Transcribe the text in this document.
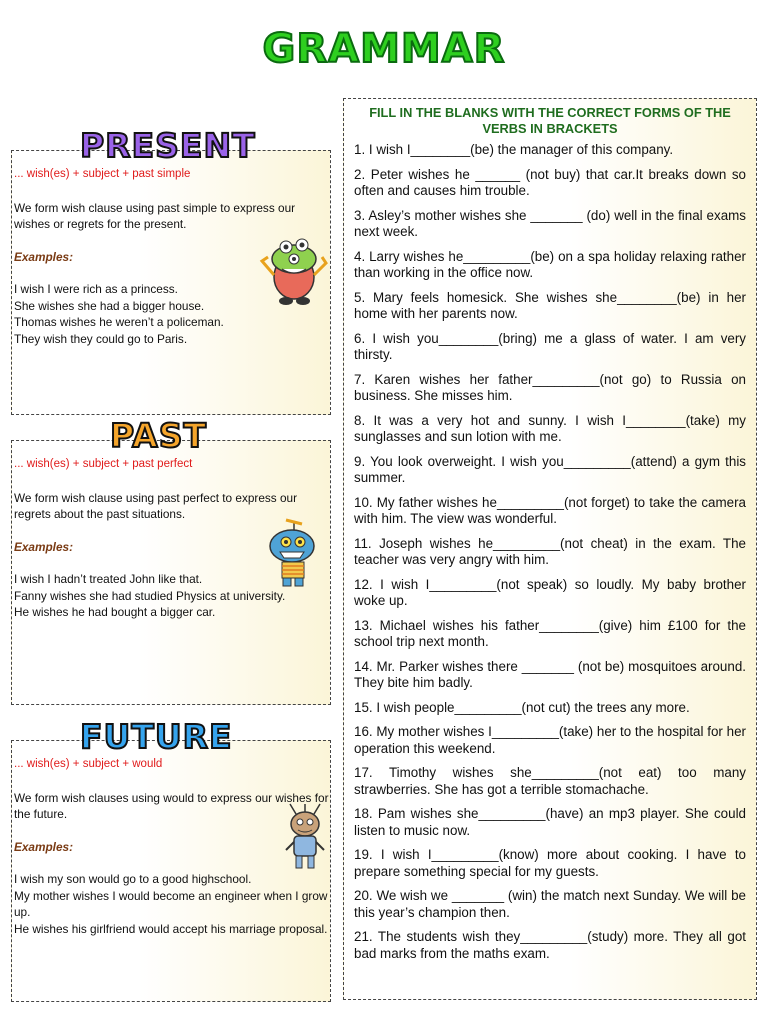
GRAMMAR
PRESENT

... wish(es) + subject + past simple

We form wish clause using past simple to express our wishes or regrets for the present.

Examples:

I wish I were rich as a princess.

She wishes she had a bigger house.

Thomas wishes he weren’t a policeman.

They wish they could go to Paris.

PAST

... wish(es) + subject + past perfect

We form wish clause using past perfect to express our regrets about the past situations.

Examples:

I wish I hadn’t treated John like that.

Fanny wishes she had studied Physics at university.

He wishes he had bought a bigger car.

FUTURE

... wish(es) + subject + would

We form wish clauses using would to express our wishes for the future.

Examples:

I wish my son would go to a good highschool.

My mother wishes I would become an engineer when I grow up.

He wishes his girlfriend would accept his marriage proposal.

FILL IN THE BLANKS WITH THE CORRECT FORMS OF THE VERBS IN BRACKETS
1. I wish I________(be) the manager of this company.
2. Peter wishes he ______ (not buy) that car.It breaks down so often and causes him trouble.
3. Asley’s mother wishes she _______ (do) well in the final exams next week.
4. Larry wishes he_________(be) on a spa holiday relaxing rather than working in the office now.
5. Mary feels homesick. She wishes she________(be) in her home with her parents now.
6. I wish you________(bring) me a glass of water. I am very thirsty.
7. Karen wishes her father_________(not go) to Russia on business. She misses him.
8. It was a very hot and sunny. I wish I________(take) my sunglasses and sun lotion with me.
9. You look overweight. I wish you_________(attend) a gym this summer.
10. My father wishes he_________(not forget) to take the camera with him. The view was wonderful.
11. Joseph wishes he_________(not cheat) in the exam. The teacher was very angry with him.
12. I wish I_________(not speak) so loudly. My baby brother woke up.
13. Michael wishes his father________(give) him £100 for the school trip next month.
14. Mr. Parker wishes there _______ (not be) mosquitoes around. They bite him badly.
15. I wish people_________(not cut) the trees any more.
16. My mother wishes I_________(take) her to the hospital for her operation this weekend.
17. Timothy wishes she_________(not eat) too many strawberries. She has got a terrible stomachache.
18. Pam wishes she_________(have) an mp3 player. She could listen to music now.
19. I wish I_________(know) more about cooking. I have to prepare something special for my guests.
20. We wish we _______ (win) the match next Sunday. We will be this year’s champion then.
21. The students wish they_________(study) more. They all got bad marks from the maths exam.
